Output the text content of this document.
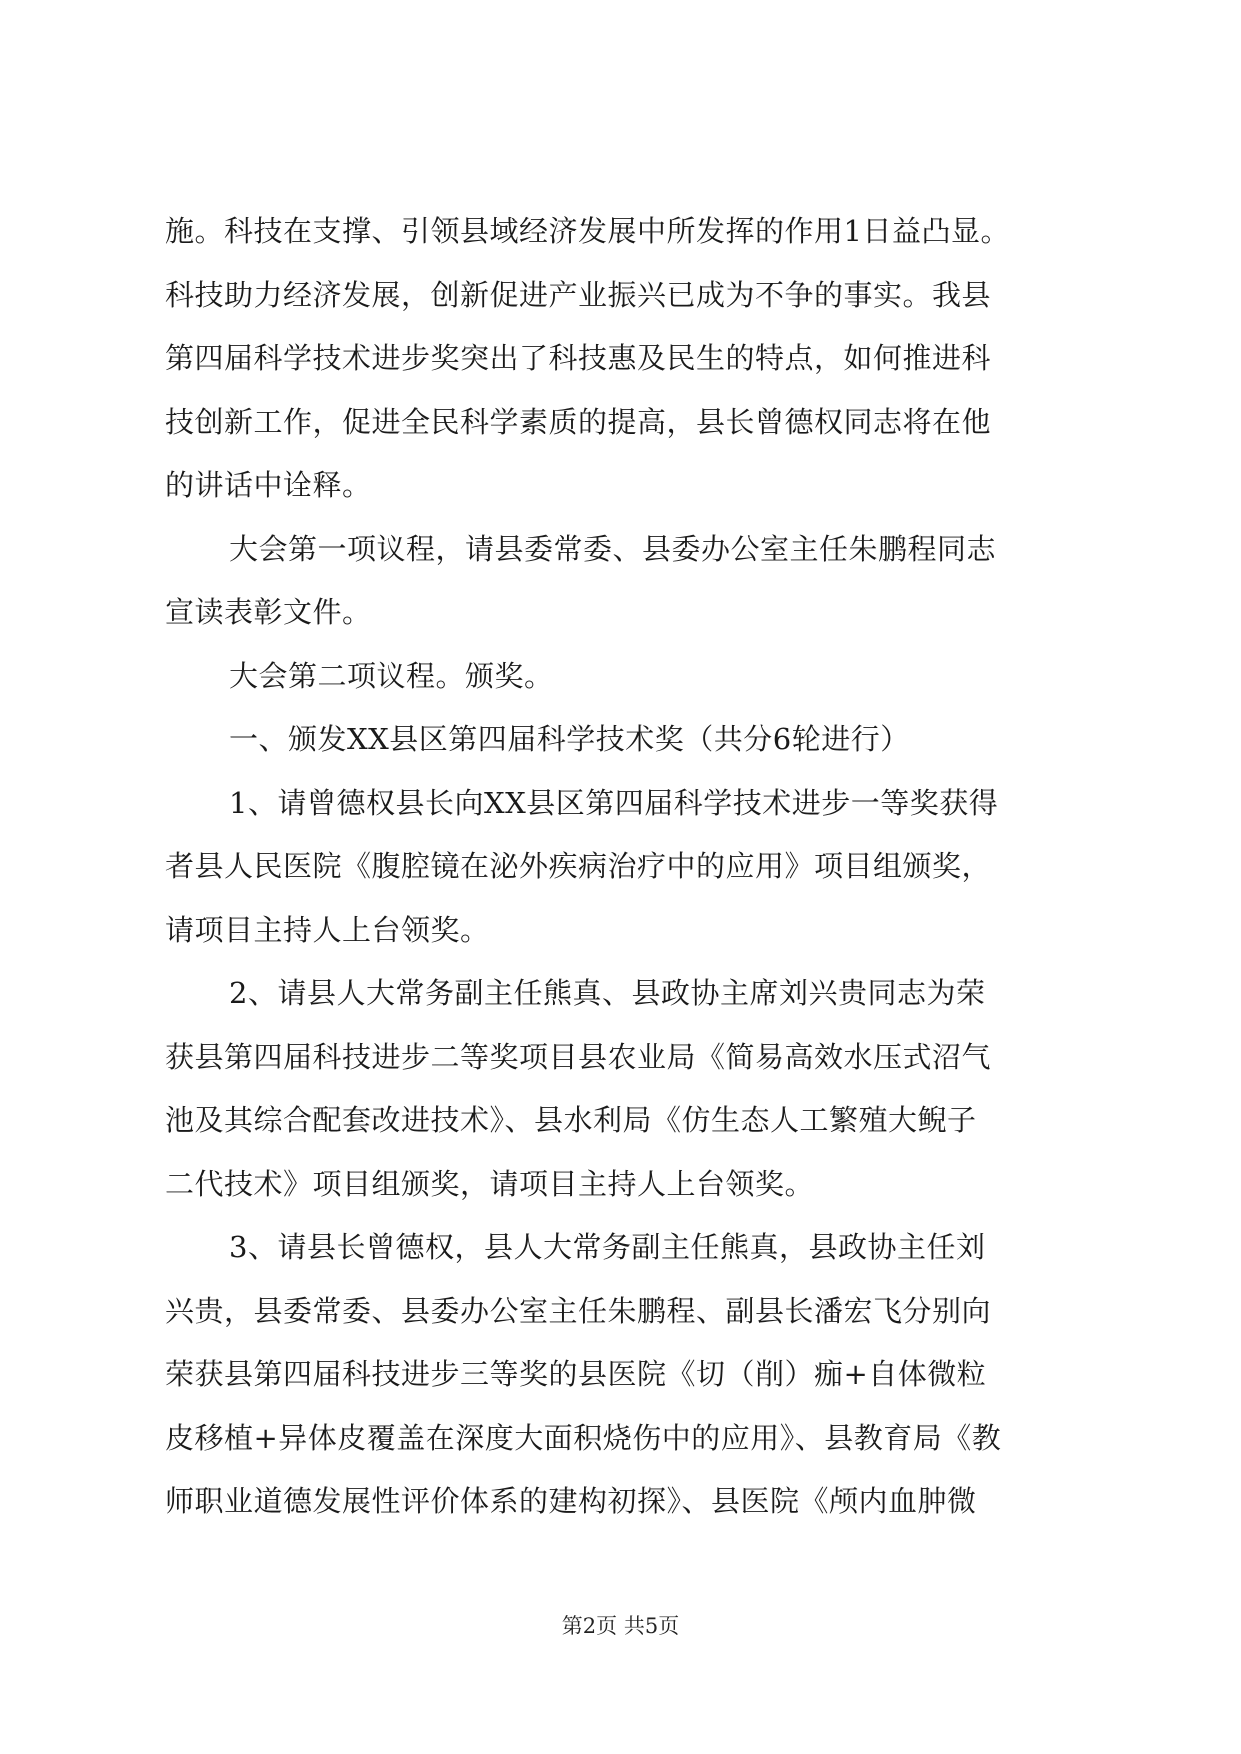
施。科技在支撑、引领县域经济发展中所发挥的作用1日益凸显。
科技助力经济发展，创新促进产业振兴已成为不争的事实。我县
第四届科学技术进步奖突出了科技惠及民生的特点，如何推进科
技创新工作，促进全民科学素质的提高，县长曾德权同志将在他
的讲话中诠释。
大会第一项议程，请县委常委、县委办公室主任朱鹏程同志
宣读表彰文件。
大会第二项议程。颁奖。
一、颁发XX县区第四届科学技术奖（共分6轮进行）
1、请曾德权县长向XX县区第四届科学技术进步一等奖获得
者县人民医院《腹腔镜在泌外疾病治疗中的应用》项目组颁奖，
请项目主持人上台领奖。
2、请县人大常务副主任熊真、县政协主席刘兴贵同志为荣
获县第四届科技进步二等奖项目县农业局《简易高效水压式沼气
池及其综合配套改进技术》、县水利局《仿生态人工繁殖大鲵子
二代技术》项目组颁奖，请项目主持人上台领奖。
3、请县长曾德权，县人大常务副主任熊真，县政协主任刘
兴贵，县委常委、县委办公室主任朱鹏程、副县长潘宏飞分别向
荣获县第四届科技进步三等奖的县医院《切（削）痂+自体微粒
皮移植+异体皮覆盖在深度大面积烧伤中的应用》、县教育局《教
师职业道德发展性评价体系的建构初探》、县医院《颅内血肿微
第2页 共5页
